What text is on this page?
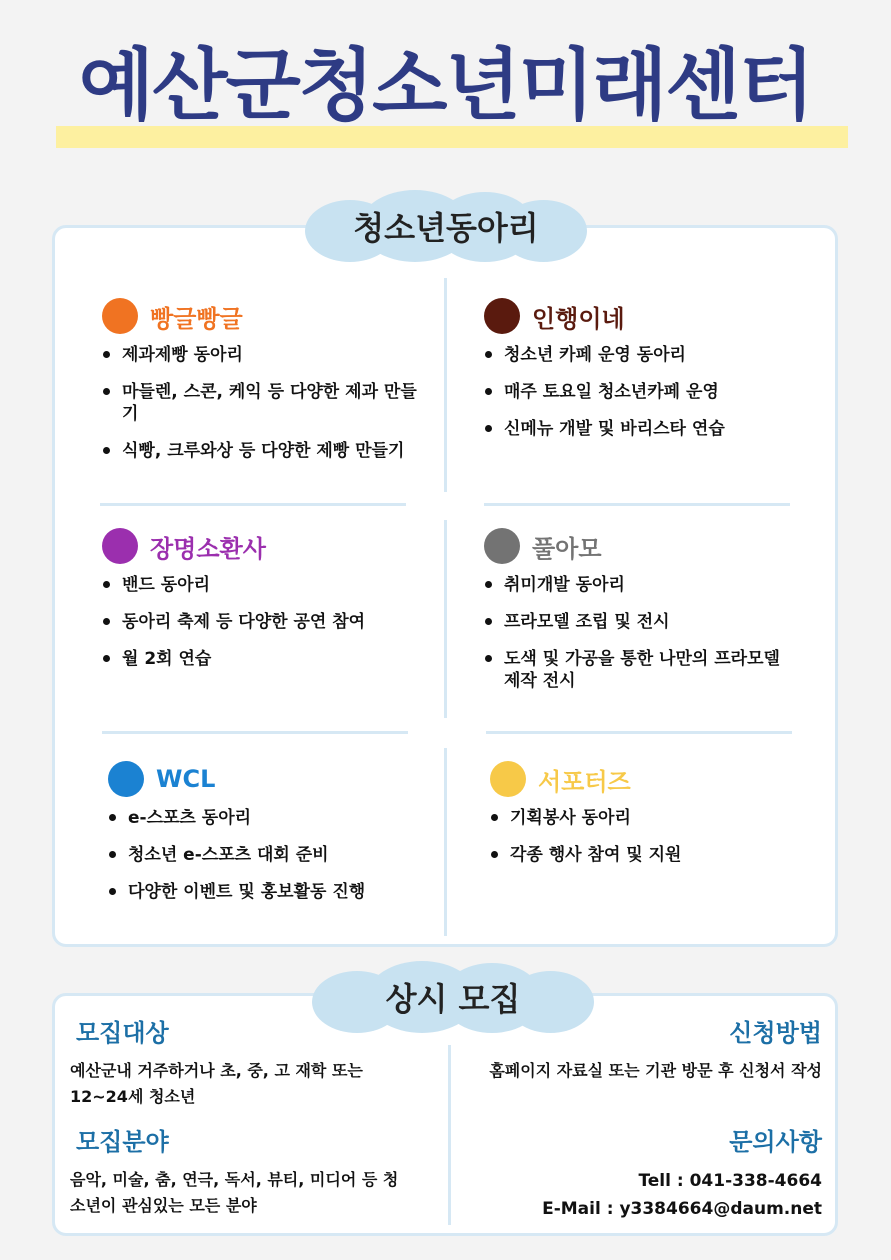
예산군청소년미래센터
청소년동아리
빵글빵글
제과제빵 동아리
마들렌, 스콘, 케익 등 다양한 제과 만들기
식빵, 크루와상 등 다양한 제빵 만들기
인행이네
청소년 카페 운영 동아리
매주 토요일 청소년카페 운영
신메뉴 개발 및 바리스타 연습
장명소환사
밴드 동아리
동아리 축제 등 다양한 공연 참여
월 2회 연습
풀아모
취미개발 동아리
프라모델 조립 및 전시
도색 및 가공을 통한 나만의 프라모델 제작 전시
WCL
e-스포츠 동아리
청소년 e-스포츠 대회 준비
다양한 이벤트 및 홍보활동 진행
서포터즈
기획봉사 동아리
각종 행사 참여 및 지원
상시 모집
모집대상
예산군내 거주하거나 초, 중, 고 재학 또는 12~24세 청소년
모집분야
음악, 미술, 춤, 연극, 독서, 뷰티, 미디어 등 청소년이 관심있는 모든 분야
신청방법
홈페이지 자료실 또는 기관 방문 후 신청서 작성
문의사항
Tell : 041-338-4664
E-Mail : y3384664@daum.net
